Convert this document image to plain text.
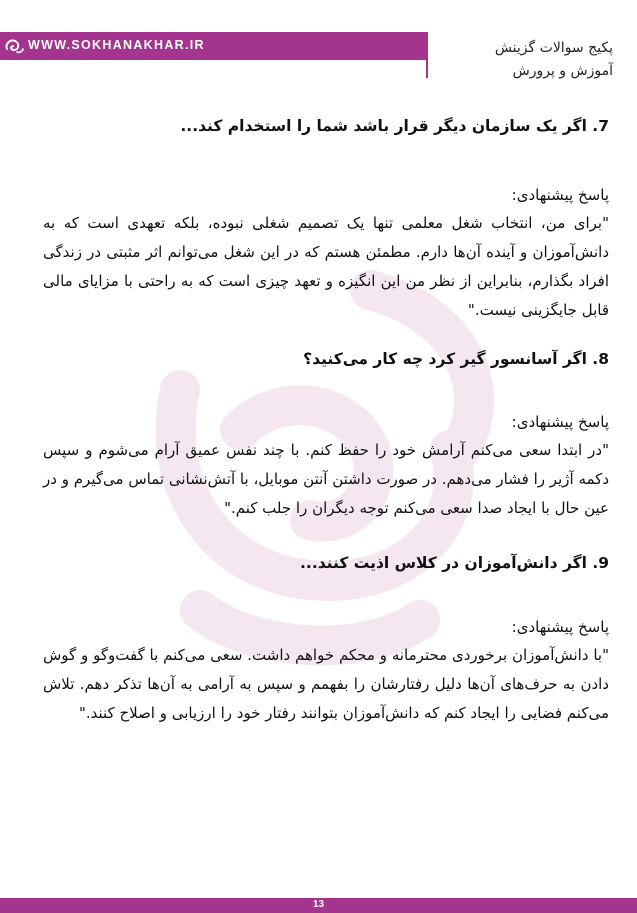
WWW.SOKHANAKHAR.IR	پکیج سوالات گزینش
آموزش و پرورش

7. اگر یک سازمان دیگر قرار باشد شما را استخدام کند...

پاسخ پیشنهادی:

"برای من، انتخاب شغل معلمی تنها یک تصمیم شغلی نبوده، بلکه تعهدی است که به دانش‌آموزان و آینده آن‌ها دارم. مطمئن هستم که در این شغل می‌توانم اثر مثبتی در زندگی افراد بگذارم، بنابراین از نظر من این انگیزه و تعهد چیزی است که به راحتی با مزایای مالی قابل جایگزینی نیست."

8. اگر آسانسور گیر کرد چه کار می‌کنید؟

پاسخ پیشنهادی:

"در ابتدا سعی می‌کنم آرامش خود را حفظ کنم. با چند نفس عمیق آرام می‌شوم و سپس دکمه آژیر را فشار می‌دهم. در صورت داشتن آنتن موبایل، با آتش‌نشانی تماس می‌گیرم و در عین حال با ایجاد صدا سعی می‌کنم توجه دیگران را جلب کنم."

9. اگر دانش‌آموزان در کلاس اذیت کنند...

پاسخ پیشنهادی:

"با دانش‌آموزان برخوردی محترمانه و محکم خواهم داشت. سعی می‌کنم با گفت‌وگو و گوش دادن به حرف‌های آن‌ها دلیل رفتارشان را بفهمم و سپس به آرامی به آن‌ها تذکر دهم. تلاش می‌کنم فضایی را ایجاد کنم که دانش‌آموزان بتوانند رفتار خود را ارزیابی و اصلاح کنند."

13
